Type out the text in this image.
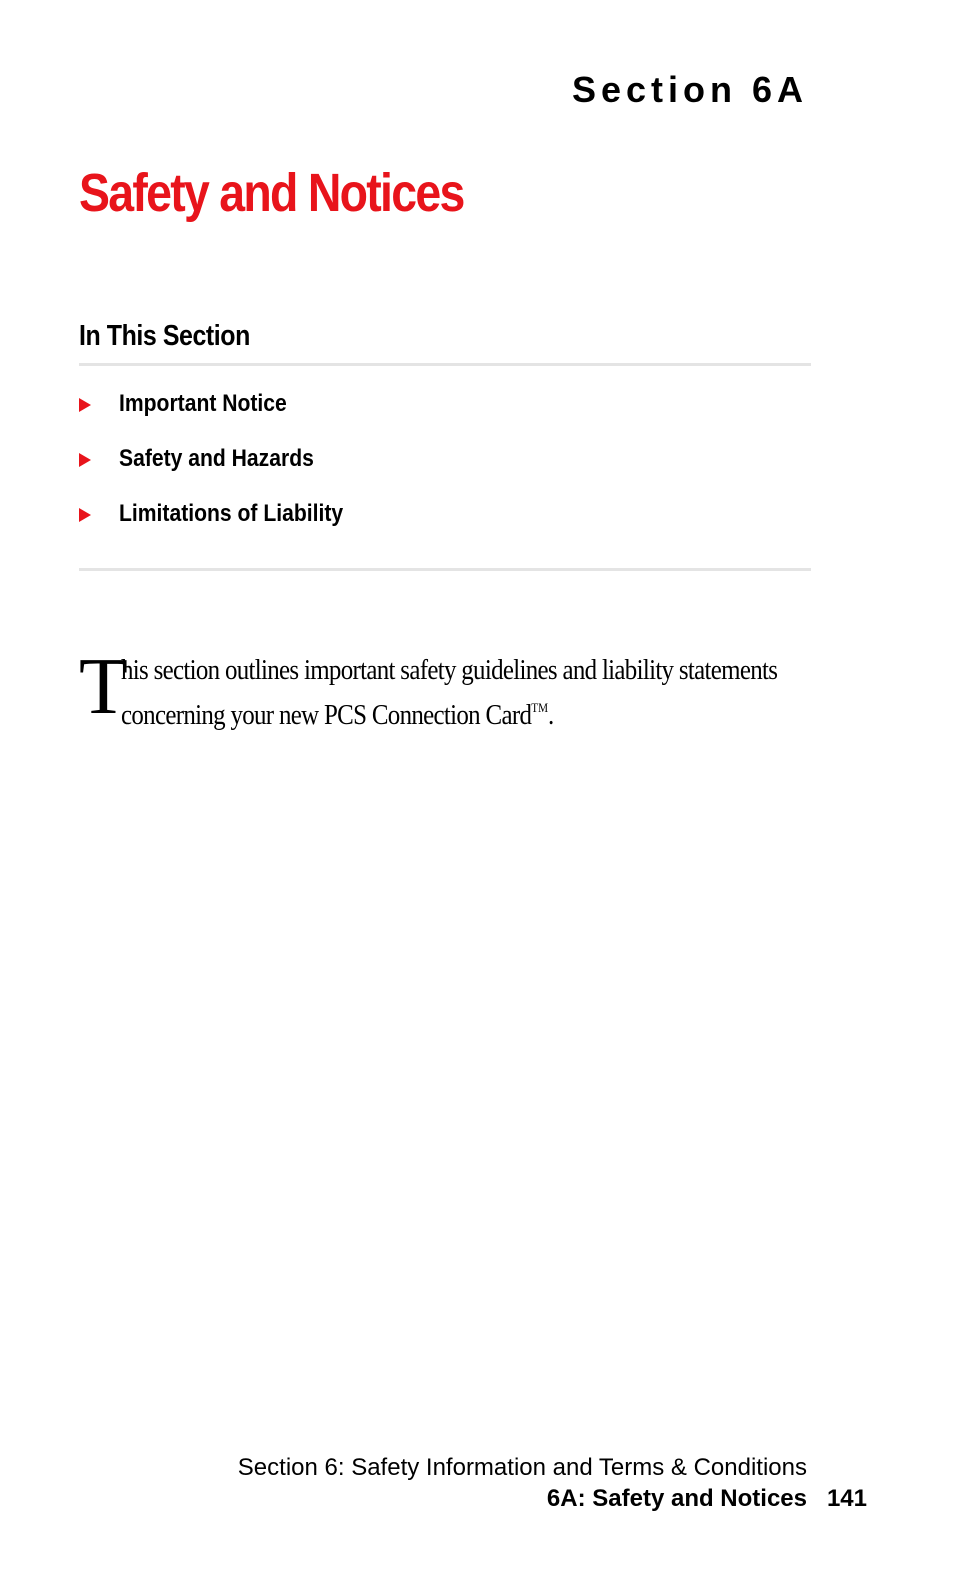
Section 6A
Safety and Notices
In This Section
Important Notice
Safety and Hazards
Limitations of Liability
T
his section outlines important safety guidelines and liability statements
concerning your new PCS Connection Card™.
Section 6: Safety Information and Terms & Conditions
6A: Safety and Notices 141
